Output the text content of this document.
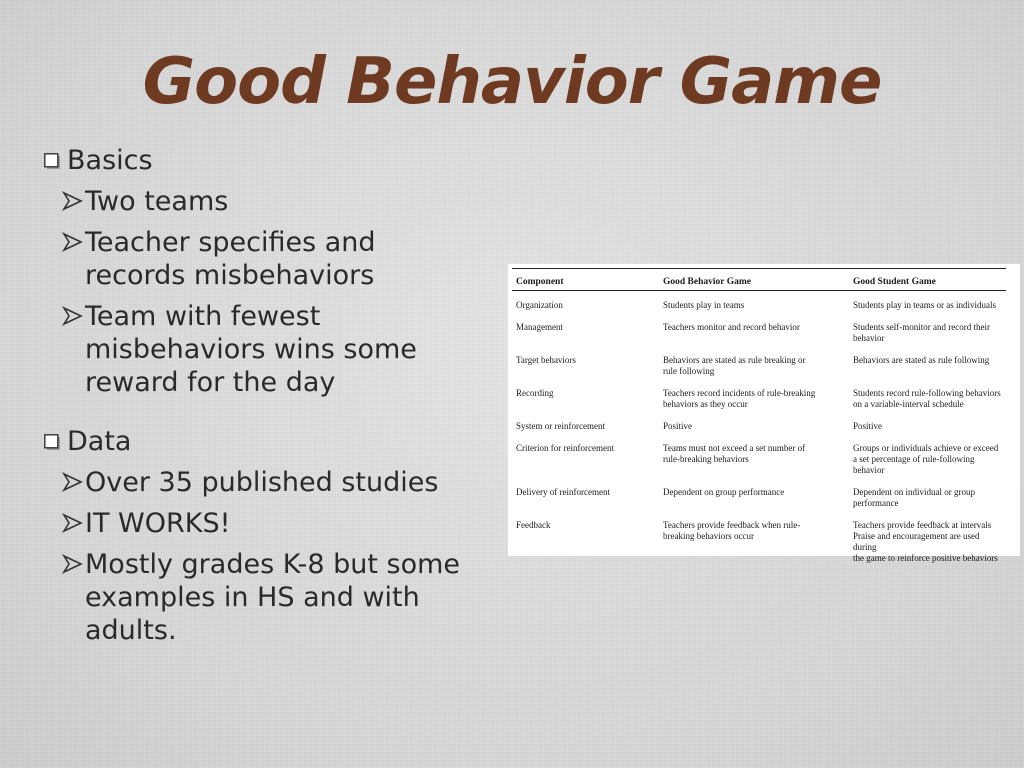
Good Behavior Game
Basics
Two teams
Teacher specifies and
records misbehaviors
Team with fewest
misbehaviors wins some
reward for the day
Data
Over 35 published studies
IT WORKS!
Mostly grades K-8 but some
examples in HS and with
adults.
Component	Good Behavior Game	Good Student Game
Organization	Students play in teams	Students play in teams or as individuals

Management	Teachers monitor and record behavior	Students self-monitor and record their
behavior

Target behaviors	Behaviors are stated as rule breaking or
rule following	Behaviors are stated as rule following

Recording	Teachers record incidents of rule-breaking
behaviors as they occur	Students record rule-following behaviors
on a variable-interval schedule

System or reinforcement	Positive	Positive

Criterion for reinforcement	Teams must not exceed a set number of
rule-breaking behaviors	Groups or individuals achieve or exceed
a set percentage of rule-following behavior

Delivery of reinforcement	Dependent on group performance	Dependent on individual or group
performance

Feedback	Teachers provide feedback when rule-
breaking behaviors occur	Teachers provide feedback at intervals
Praise and encouragement are used during
the game to reinforce positive behaviors
